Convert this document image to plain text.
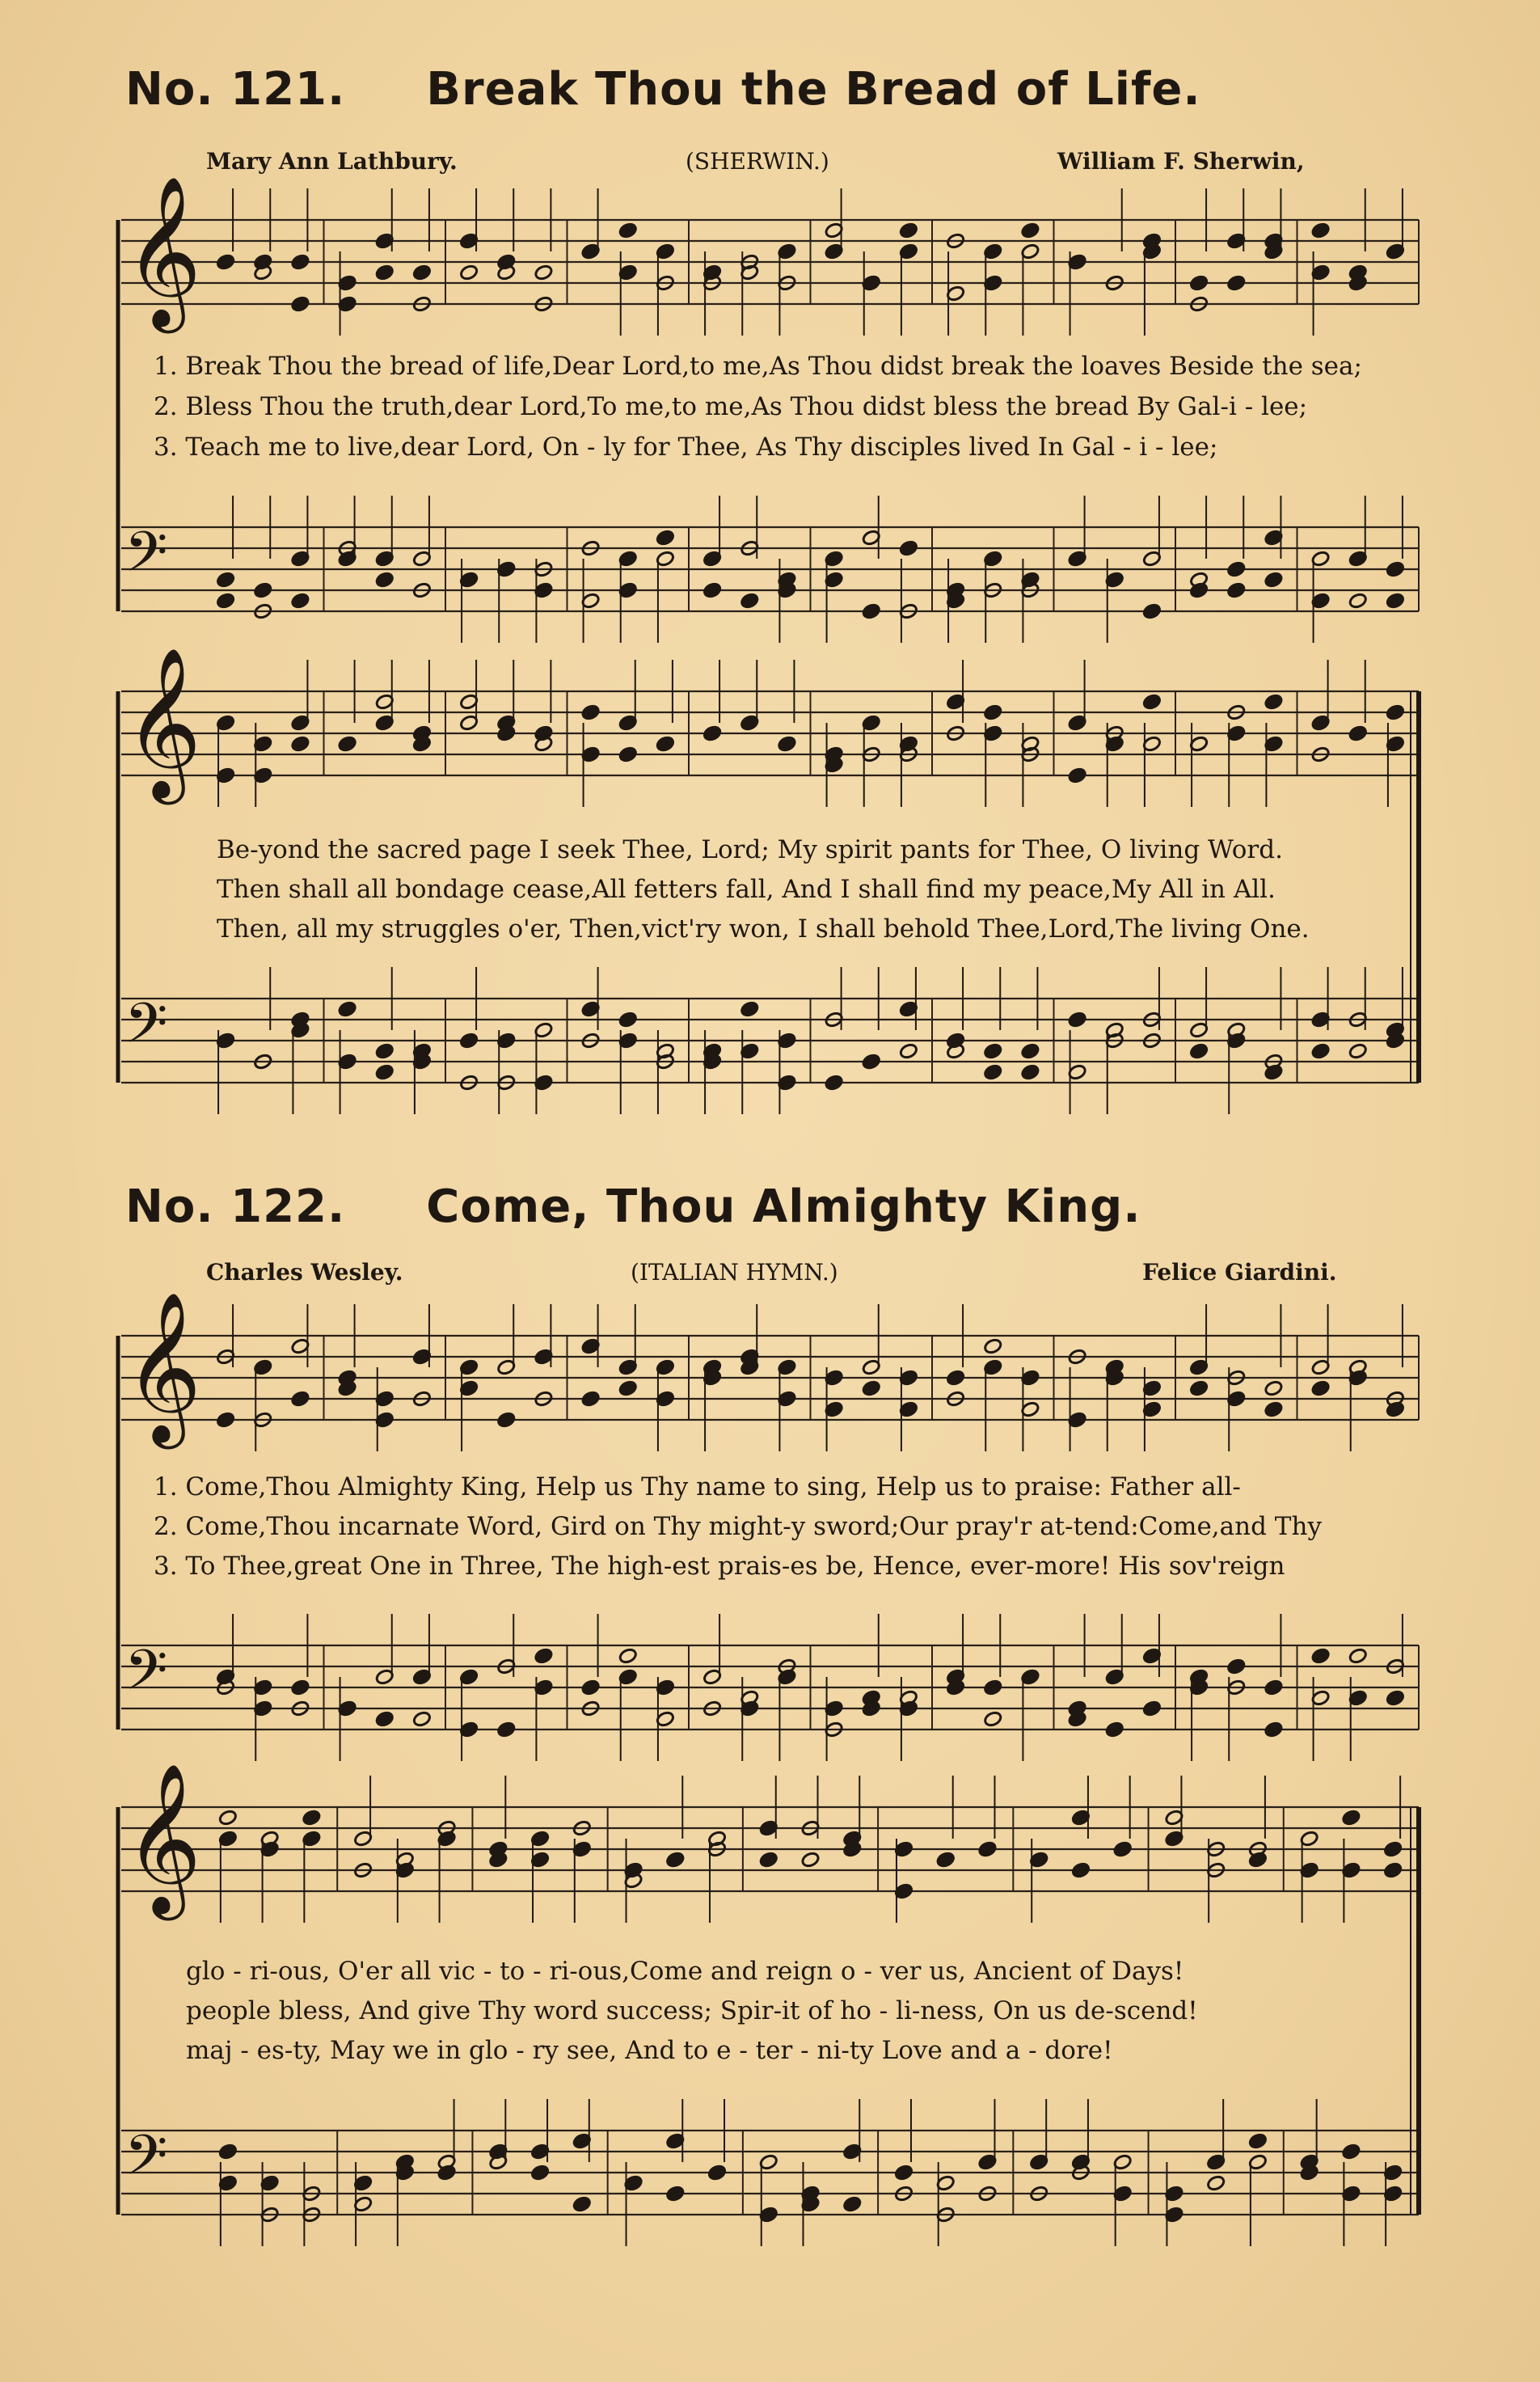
No. 121. Break Thou the Bread of Life.
Mary Ann Lathbury.	(SHERWIN.)	William F. Sherwin,
𝄞
𝄢
𝄞
𝄢
1. Break Thou the bread of life,Dear Lord,to me,As Thou didst break the loaves Beside the sea;
2. Bless Thou the truth,dear Lord,To me,to me,As Thou didst bless the bread By Gal-i - lee;
3. Teach me to live,dear Lord, On - ly for Thee, As Thy disciples lived In Gal - i - lee;
Be-yond the sacred page I seek Thee, Lord; My spirit pants for Thee, O living Word.
Then shall all bondage cease,All fetters fall, And I shall find my peace,My All in All.
Then, all my struggles o'er, Then,vict'ry won, I shall behold Thee,Lord,The living One.
No. 122. Come, Thou Almighty King.
Charles Wesley.	(ITALIAN HYMN.)	Felice Giardini.
𝄞
𝄢
𝄞
𝄢
1. Come,Thou Almighty King, Help us Thy name to sing, Help us to praise: Father all-
2. Come,Thou incarnate Word, Gird on Thy might-y sword;Our pray'r at-tend:Come,and Thy
3. To Thee,great One in Three, The high-est prais-es be, Hence, ever-more! His sov'reign
glo - ri-ous, O'er all vic - to - ri-ous,Come and reign o - ver us, Ancient of Days!
people bless, And give Thy word success; Spir-it of ho - li-ness, On us de-scend!
maj - es-ty, May we in glo - ry see, And to e - ter - ni-ty Love and a - dore!
